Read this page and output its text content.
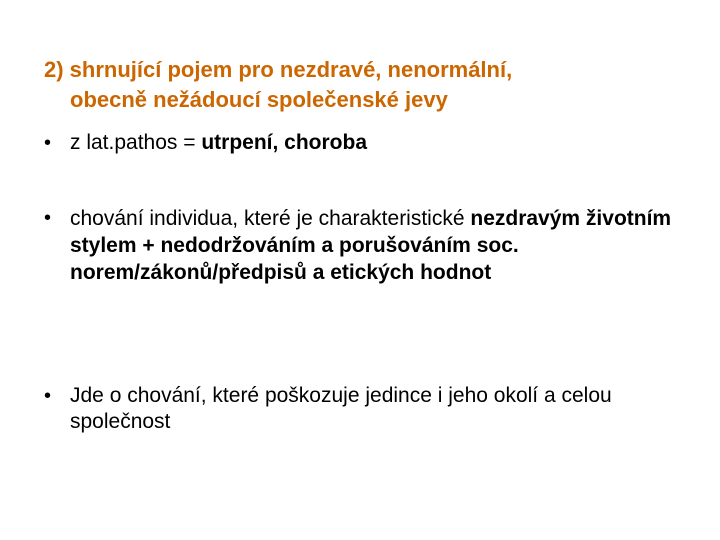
2) shrnující pojem pro nezdravé, nenormální,
obecně nežádoucí společenské jevy
• z lat.pathos = utrpení, choroba
• chování individua, které je charakteristické nezdravým životním stylem + nedodržováním a porušováním soc. norem/zákonů/předpisů a etických hodnot
• Jde o chování, které poškozuje jedince i jeho okolí a celou společnost
